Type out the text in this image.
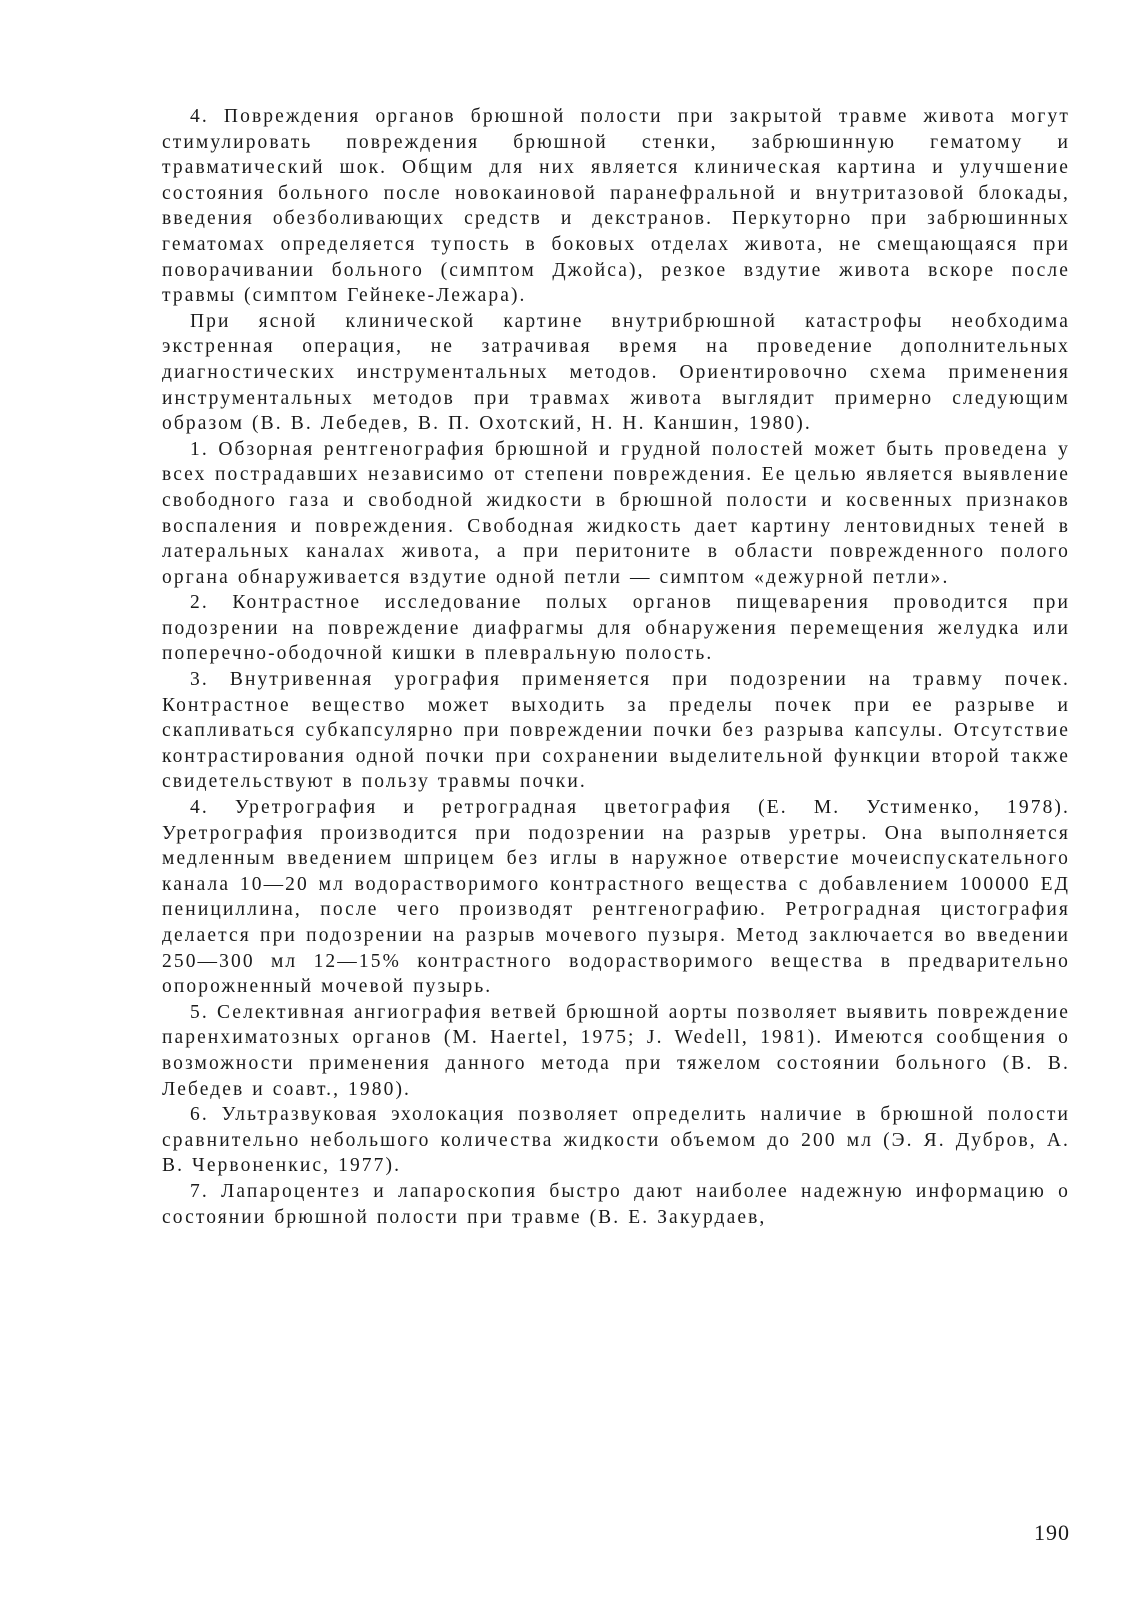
4. Повреждения органов брюшной полости при закрытой травме живота могут стимулировать повреждения брюшной стенки, забрюшинную гематому и травматический шок. Общим для них является клиническая картина и улучшение состояния больного после новокаиновой паранефральной и внутритазовой блокады, введения обезболивающих средств и декстранов. Перкуторно при забрюшинных гематомах определяется тупость в боковых отделах живота, не смещающаяся при поворачивании больного (симптом Джойса), резкое вздутие живота вскоре после травмы (симптом Гейнеке-Лежара).

При ясной клинической картине внутрибрюшной катастрофы необходима экстренная операция, не затрачивая время на проведение дополнительных диагностических инструментальных методов. Ориентировочно схема применения инструментальных методов при травмах живота выглядит примерно следующим образом (В. В. Лебедев, В. П. Охотский, Н. Н. Каншин, 1980).

1. Обзорная рентгенография брюшной и грудной полостей может быть проведена у всех пострадавших независимо от степени повреждения. Ее целью является выявление свободного газа и свободной жидкости в брюшной полости и косвенных признаков воспаления и повреждения. Свободная жидкость дает картину лентовидных теней в латеральных каналах живота, а при перитоните в области поврежденного полого органа обнаруживается вздутие одной петли — симптом «дежурной петли».

2. Контрастное исследование полых органов пищеварения проводится при подозрении на повреждение диафрагмы для обнаружения перемещения желудка или поперечно-ободочной кишки в плевральную полость.

3. Внутривенная урография применяется при подозрении на травму почек. Контрастное вещество может выходить за пределы почек при ее разрыве и скапливаться субкапсулярно при повреждении почки без разрыва капсулы. Отсутствие контрастирования одной почки при сохранении выделительной функции второй также свидетельствуют в пользу травмы почки.

4. Уретрография и ретроградная цветография (Е. М. Устименко, 1978). Уретрография производится при подозрении на разрыв уретры. Она выполняется медленным введением шприцем без иглы в наружное отверстие мочеиспускательного канала 10—20 мл водорастворимого контрастного вещества с добавлением 100000 ЕД пенициллина, после чего производят рентгенографию. Ретроградная цистография делается при подозрении на разрыв мочевого пузыря. Метод заключается во введении 250—300 мл 12—15% контрастного водорастворимого вещества в предварительно опорожненный мочевой пузырь.

5. Селективная ангиография ветвей брюшной аорты позволяет выявить повреждение паренхиматозных органов (M. Haertel, 1975; J. Wedell, 1981). Имеются сообщения о возможности применения данного метода при тяжелом состоянии больного (В. В. Лебедев и соавт., 1980).

6. Ультразвуковая эхолокация позволяет определить наличие в брюшной полости сравнительно небольшого количества жидкости объемом до 200 мл (Э. Я. Дубров, А. В. Червоненкис, 1977).

7. Лапароцентез и лапароскопия быстро дают наиболее надежную информацию о состоянии брюшной полости при травме (В. Е. Закурдаев,

190
